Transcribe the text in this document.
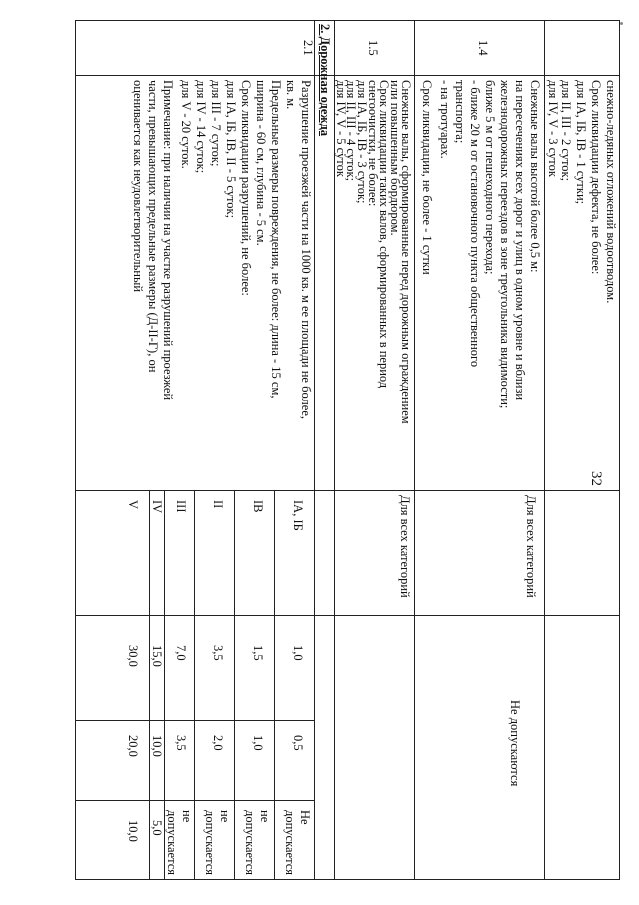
32
снежно-ледяных отложений водоотводом.
Срок ликвидации дефекта, не более:
для IA, IБ, IВ - 1 сутки;
для II, III - 2 суток;
для IV, V - 3 суток
1.4
Снежные валы высотой более 0,5 м:
на пересечениях всех дорог и улиц в одном уровне и вблизи
железнодорожных переездов в зоне треугольника видимости;
ближе 5 м от пешеходного перехода;
- ближе 20 м от остановочного пункта общественного
транспорта;
- на тротуарах.
Срок ликвидации, не более - 1 сутки
Для всех категорий
Не допускаются
1.5
Снежные валы, сформированные перед дорожным ограждением
или повышенным бордюром.
Срок ликвидации таких валов, сформированных в период
снегоочистки, не более:
для IA, IБ, IВ - 3 суток;
для II, III - 4 суток;
для IV, V - 5 суток
Для всех категорий
2. Дорожная одежда
2.1
Разрушение проезжей части на 1000 кв. м ее площади не более,
кв. м.
Предельные размеры повреждения, не более: длина - 15 см,
ширина - 60 см, глубина - 5 см.
Срок ликвидации разрушений, не более:
для IA, IБ, IВ, II - 5 суток;
для III - 7 суток;
для IV - 14 суток;
для V - 20 суток.
Примечание: при наличии на участке разрушений проезжей
части, превышающих предельные размеры (Д-II-Г), он
оценивается как неудовлетворительный
IA, IБ
1,0
0,5
Не допускается
IВ
1,5
1,0
не допускается
II
3,5
2,0
не допускается
III
7,0
3,5
не допускается
IV
15,0
10,0
5,0
V
30,0
20,0
10,0
